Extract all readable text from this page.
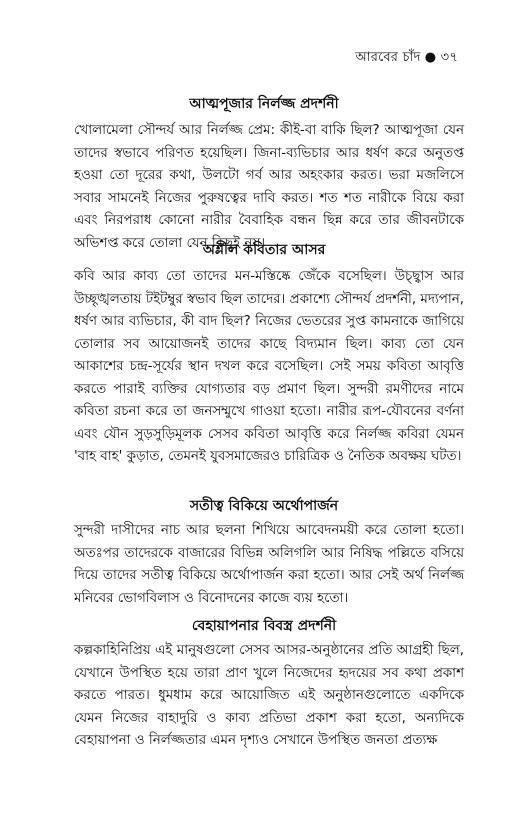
আরবের চাঁদ ● ৩৭
আত্মপূজার নির্লজ্জ প্রদর্শনী
খোলামেলা সৌন্দর্য আর নির্লজ্জ প্রেম: কীই-বা বাকি ছিল? আত্মপূজা যেন তাদের স্বভাবে পরিণত হয়েছিল। জিনা-ব্যভিচার আর ধর্ষণ করে অনুতপ্ত হওয়া তো দূরের কথা, উলটো গর্ব আর অহংকার করত। ভরা মজলিসে সবার সামনেই নিজের পুরুষত্বের দাবি করত। শত শত নারীকে বিয়ে করা এবং নিরপরাধ কোনো নারীর বৈবাহিক বন্ধন ছিন্ন করে তার জীবনটাকে অভিশপ্ত করে তোলা যেন কিছুই নয়।
অশ্লীল কবিতার আসর
কবি আর কাব্য তো তাদের মন-মস্তিষ্কে জেঁকে বসেছিল। উচ্ছ্বাস আর উচ্ছৃঙ্খলতায় টইটম্বুর স্বভাব ছিল তাদের। প্রকাশ্যে সৌন্দর্য প্রদর্শনী, মদ্যপান, ধর্ষণ আর ব্যভিচার, কী বাদ ছিল? নিজের ভেতরের সুপ্ত কামনাকে জাগিয়ে তোলার সব আয়োজনই তাদের কাছে বিদ্যমান ছিল। কাব্য তো যেন আকাশের চন্দ্র-সূর্যের স্থান দখল করে বসেছিল। সেই সময় কবিতা আবৃত্তি করতে পারাই ব্যক্তির যোগ্যতার বড় প্রমাণ ছিল। সুন্দরী রমণীদের নামে কবিতা রচনা করে তা জনসম্মুখে গাওয়া হতো। নারীর রূপ-যৌবনের বর্ণনা এবং যৌন সুড়সুড়িমূলক সেসব কবিতা আবৃত্তি করে নির্লজ্জ কবিরা যেমন 'বাহ বাহ' কুড়াত, তেমনই যুবসমাজেরও চারিত্রিক ও নৈতিক অবক্ষয় ঘটত।
সতীত্ব বিকিয়ে অর্থোপার্জন
সুন্দরী দাসীদের নাচ আর ছলনা শিখিয়ে আবেদনময়ী করে তোলা হতো। অতঃপর তাদেরকে বাজারের বিভিন্ন অলিগলি আর নিষিদ্ধ পল্লিতে বসিয়ে দিয়ে তাদের সতীত্ব বিকিয়ে অর্থোপার্জন করা হতো। আর সেই অর্থ নির্লজ্জ মনিবের ভোগবিলাস ও বিনোদনের কাজে ব্যয় হতো।
বেহায়াপনার বিবস্ত্র প্রদর্শনী
কল্পকাহিনিপ্রিয় এই মানুষগুলো সেসব আসর-অনুষ্ঠানের প্রতি আগ্রহী ছিল, যেখানে উপস্থিত হয়ে তারা প্রাণ খুলে নিজেদের হৃদয়ের সব কথা প্রকাশ করতে পারত। ধুমধাম করে আয়োজিত এই অনুষ্ঠানগুলোতে একদিকে যেমন নিজের বাহাদুরি ও কাব্য প্রতিভা প্রকাশ করা হতো, অন্যদিকে বেহায়াপনা ও নির্লজ্জতার এমন দৃশ্যও সেখানে উপস্থিত জনতা প্রত্যক্ষ
